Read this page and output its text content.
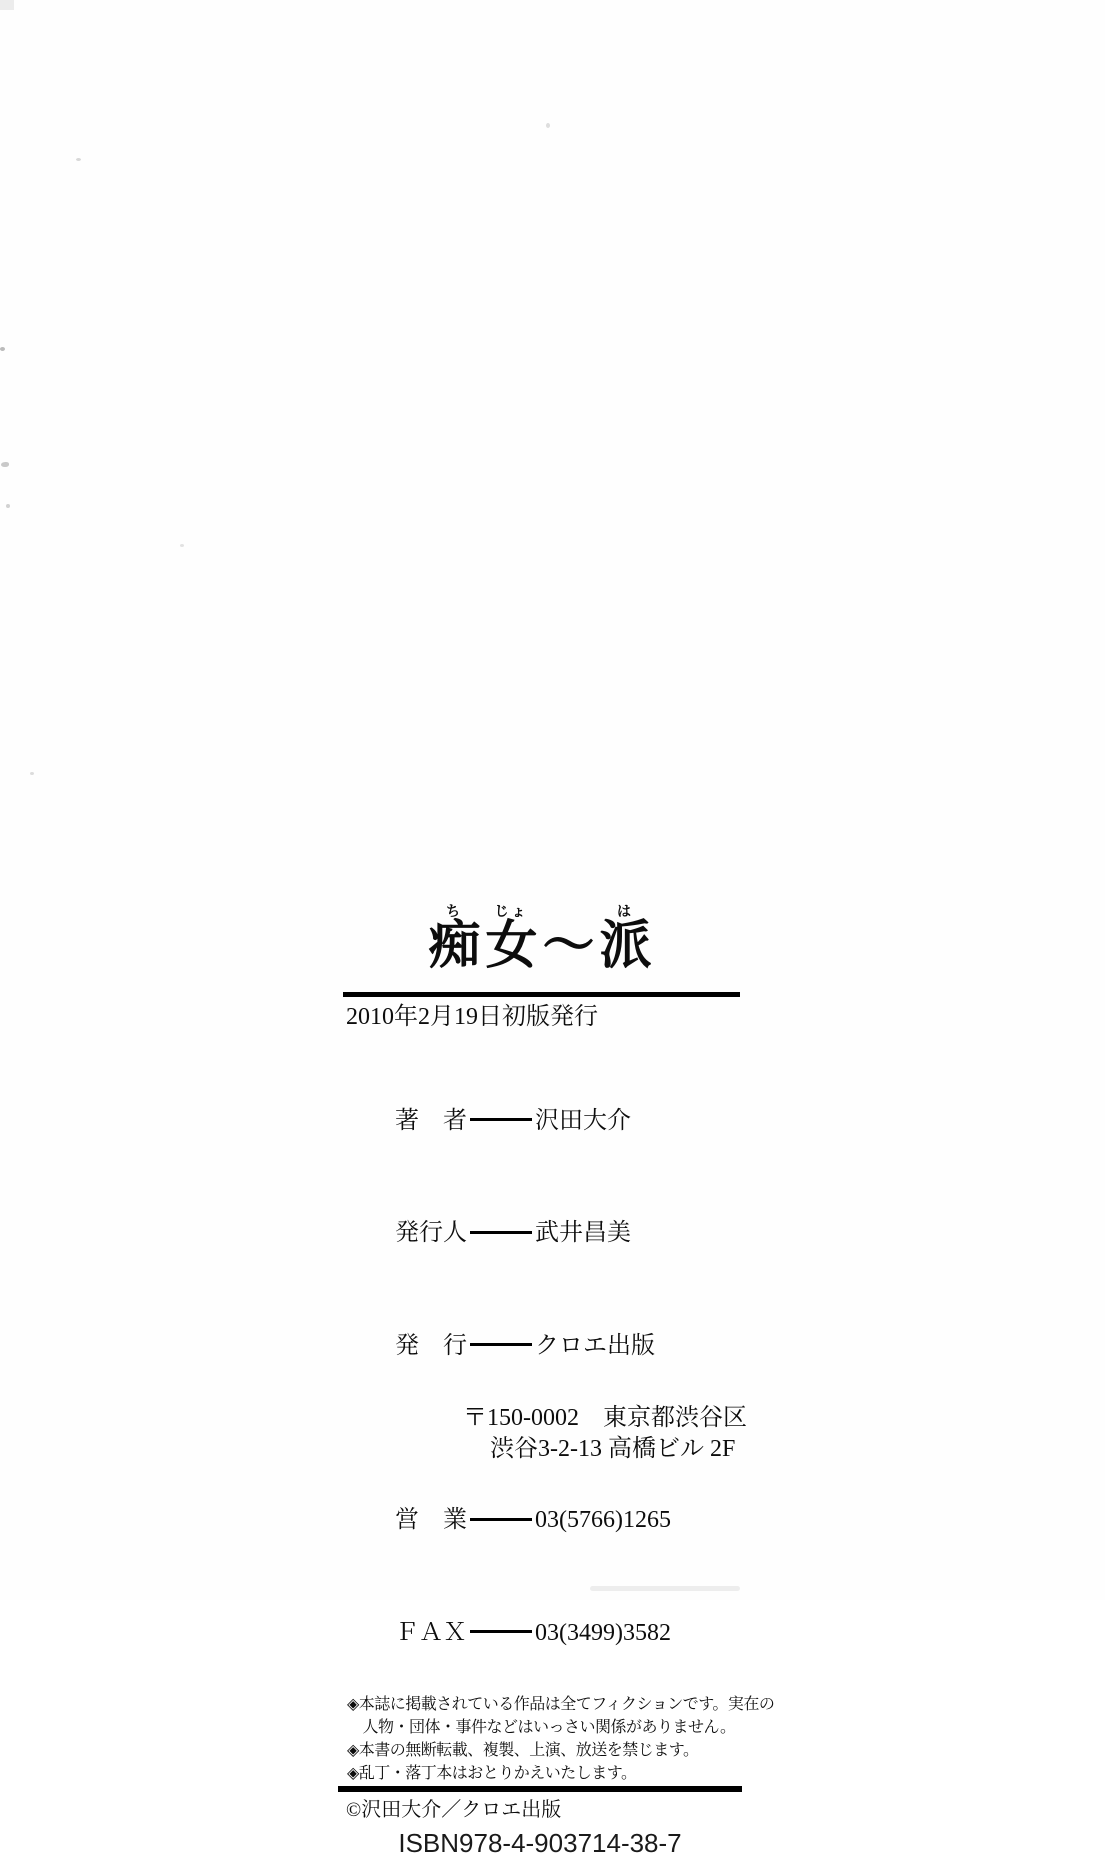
ち
痴
じょ
女 ～
は
派
2010年2月19日初版発行

著　者	沢田大介

発行人	武井昌美

発　行	クロエ出版

〒150-0002　東京都渋谷区
渋谷3-2-13 高橋ビル 2F

営　業	03(5766)1265

ＦＡＸ	03(3499)3582

◈本誌に掲載されている作品は全てフィクションです。実在の
　人物・団体・事件などはいっさい関係がありません。
◈本書の無断転載、複製、上演、放送を禁じます。
◈乱丁・落丁本はおとりかえいたします。
©沢田大介／クロエ出版
ISBN978-4-903714-38-7
